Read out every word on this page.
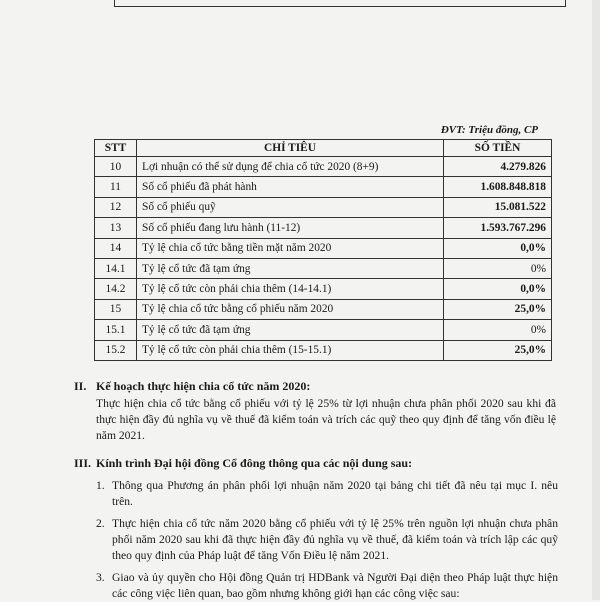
ĐVT: Triệu đồng, CP
STT	CHỈ TIÊU	SỐ TIỀN
10	Lợi nhuận có thể sử dụng để chia cổ tức 2020 (8+9)	4.279.826
11	Số cổ phiếu đã phát hành	1.608.848.818
12	Số cổ phiếu quỹ	15.081.522
13	Số cổ phiếu đang lưu hành (11-12)	1.593.767.296
14	Tỷ lệ chia cổ tức bằng tiền mặt năm 2020	0,0%
14.1	Tỷ lệ cổ tức đã tạm ứng	0%
14.2	Tỷ lệ cổ tức còn phải chia thêm (14-14.1)	0,0%
15	Tỷ lệ chia cổ tức bằng cổ phiếu năm 2020	25,0%
15.1	Tỷ lệ cổ tức đã tạm ứng	0%
15.2	Tỷ lệ cổ tức còn phải chia thêm (15-15.1)	25,0%
II. Kế hoạch thực hiện chia cổ tức năm 2020:
Thực hiện chia cổ tức bằng cổ phiếu với tỷ lệ 25% từ lợi nhuận chưa phân phối 2020 sau khi đã thực hiện đầy đủ nghĩa vụ về thuế đã kiểm toán và trích các quỹ theo quy định để tăng vốn điều lệ năm 2021.
III. Kính trình Đại hội đồng Cổ đông thông qua các nội dung sau:
1. Thông qua Phương án phân phối lợi nhuận năm 2020 tại bảng chi tiết đã nêu tại mục I. nêu trên.
2. Thực hiện chia cổ tức năm 2020 bằng cổ phiếu với tỷ lệ 25% trên nguồn lợi nhuận chưa phân phối năm 2020 sau khi đã thực hiện đầy đủ nghĩa vụ về thuế, đã kiểm toán và trích lập các quỹ theo quy định của Pháp luật để tăng Vốn Điều lệ năm 2021.
3. Giao và ủy quyền cho Hội đồng Quản trị HDBank và Người Đại diện theo Pháp luật thực hiện các công việc liên quan, bao gồm nhưng không giới hạn các công việc sau:
